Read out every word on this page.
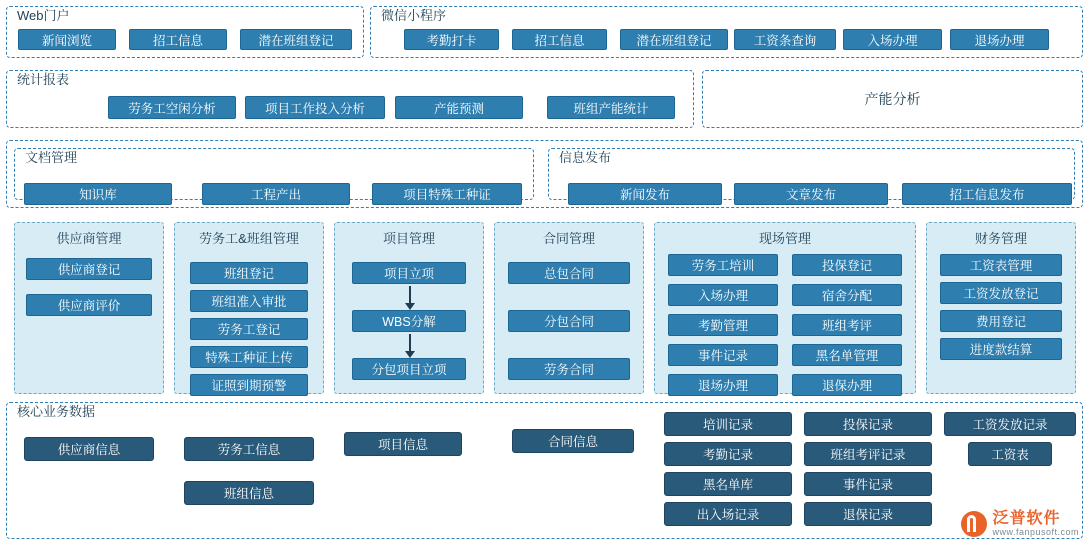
Web门户
新闻浏览	招工信息	潜在班组登记
微信小程序
考勤打卡	招工信息	潜在班组登记	工资条查询	入场办理	退场办理
统计报表
劳务工空闲分析	项目工作投入分析	产能预测	班组产能统计
产能分析
文档管理
知识库	工程产出	项目特殊工种证
信息发布
新闻发布	文章发布	招工信息发布
供应商管理
供应商登记
供应商评价
劳务工&班组管理
班组登记
班组准入审批
劳务工登记
特殊工种证上传
证照到期预警
项目管理
项目立项
WBS分解
分包项目立项
合同管理
总包合同
分包合同
劳务合同
现场管理
劳务工培训	投保登记
入场办理	宿舍分配
考勤管理	班组考评
事件记录	黑名单管理
退场办理	退保办理
财务管理
工资表管理
工资发放登记
费用登记
进度款结算
核心业务数据
供应商信息	劳务工信息
班组信息
项目信息	合同信息
培训记录	投保记录	工资发放记录
考勤记录	班组考评记录	工资表
黑名单库	事件记录
出入场记录	退保记录	泛普软件
www.fanpusoft.com
